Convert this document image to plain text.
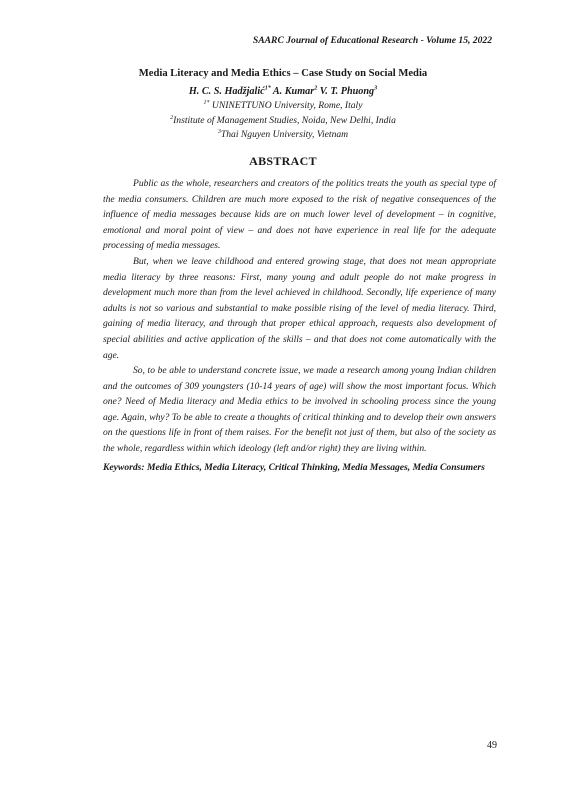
SAARC Journal of Educational Research - Volume 15, 2022
Media Literacy and Media Ethics – Case Study on Social Media
H. C. S. Hadžjalić$^{1*}$ A. Kumar$^2$ V. T. Phuong$^3$
$^{1*}$ UNINETTUNO University, Rome, Italy
$^2$Institute of Management Studies, Noida, New Delhi, India
$^3$Thai Nguyen University, Vietnam
ABSTRACT

Public as the whole, researchers and creators of the politics treats the youth as special type of the media consumers. Children are much more exposed to the risk of negative consequences of the influence of media messages because kids are on much lower level of development – in cognitive, emotional and moral point of view – and does not have experience in real life for the adequate processing of media messages.

But, when we leave childhood and entered growing stage, that does not mean appropriate media literacy by three reasons: First, many young and adult people do not make progress in development much more than from the level achieved in childhood. Secondly, life experience of many adults is not so various and substantial to make possible rising of the level of media literacy. Third, gaining of media literacy, and through that proper ethical approach, requests also development of special abilities and active application of the skills – and that does not come automatically with the age.

So, to be able to understand concrete issue, we made a research among young Indian children and the outcomes of 309 youngsters (10-14 years of age) will show the most important focus. Which one? Need of Media literacy and Media ethics to be involved in schooling process since the young age. Again, why? To be able to create a thoughts of critical thinking and to develop their own answers on the questions life in front of them raises. For the benefit not just of them, but also of the society as the whole, regardless within which ideology (left and/or right) they are living within.

Keywords: Media Ethics, Media Literacy, Critical Thinking, Media Messages, Media Consumers

49
